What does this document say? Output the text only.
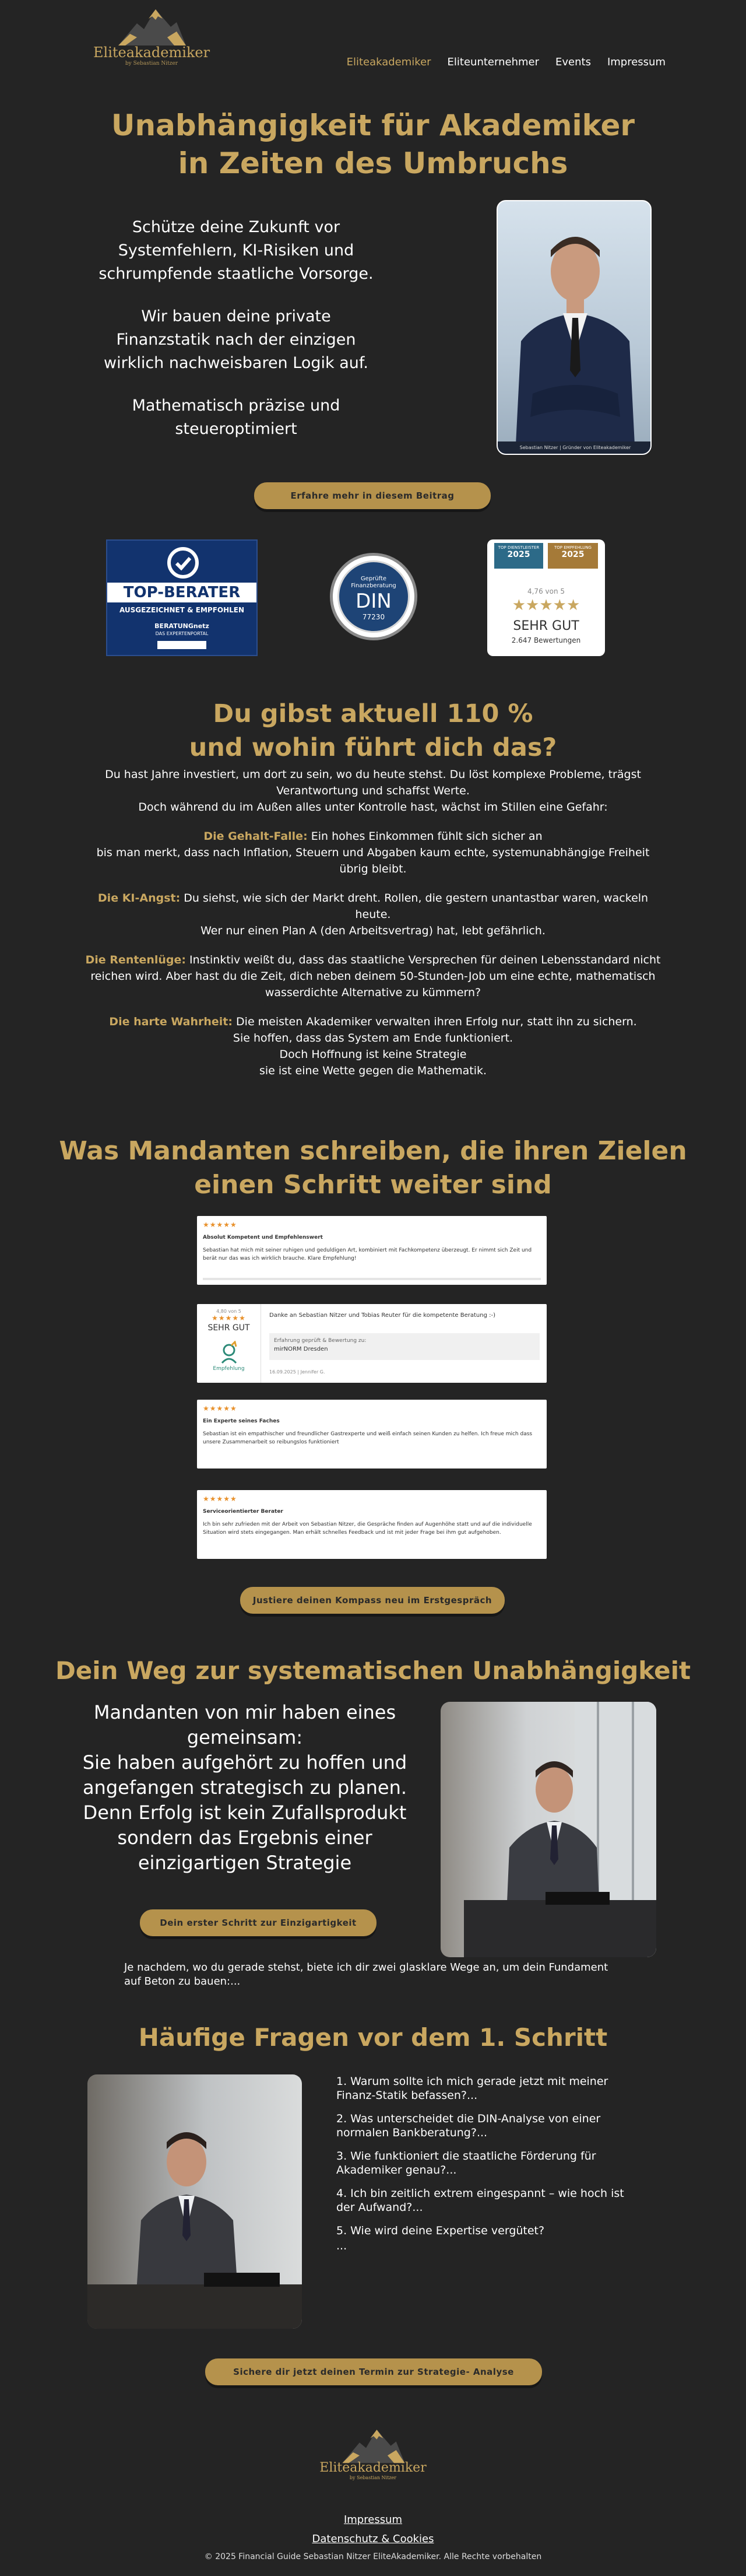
Eliteakademiker
by Sebastian Nitzer	Eliteakademiker Eliteunternehmer Events Impressum
Unabhängigkeit für Akademiker
in Zeiten des Umbruchs

Schütze deine Zukunft vor Systemfehlern, KI-Risiken und schrumpfende staatliche Vorsorge.

Wir bauen deine private Finanzstatik nach der einzigen wirklich nachweisbaren Logik auf.

Mathematisch präzise und steueroptimiert

Sebastian Nitzer | Gründer von Eliteakademiker
Erfahre mehr in diesem Beitrag
TOP-BERATER
AUSGEZEICHNET & EMPFOHLEN
BERATUNGnetz
DAS EXPERTENPORTAL
Geprüfte
Finanzberatung
DIN
77230
TOP DIENSTLEISTER
2025
TOP EMPFEHLUNG
2025
4,76 von 5
★★★★★
SEHR GUT
2.647 Bewertungen
Du gibst aktuell 110 %
und wohin führt dich das?

Du hast Jahre investiert, um dort zu sein, wo du heute stehst. Du löst komplexe Probleme, trägst Verantwortung und schaffst Werte.
Doch während du im Außen alles unter Kontrolle hast, wächst im Stillen eine Gefahr:

Die Gehalt-Falle: Ein hohes Einkommen fühlt sich sicher an
bis man merkt, dass nach Inflation, Steuern und Abgaben kaum echte, systemunabhängige Freiheit übrig bleibt.

Die KI-Angst: Du siehst, wie sich der Markt dreht. Rollen, die gestern unantastbar waren, wackeln heute.
Wer nur einen Plan A (den Arbeitsvertrag) hat, lebt gefährlich.

Die Rentenlüge: Instinktiv weißt du, dass das staatliche Versprechen für deinen Lebensstandard nicht reichen wird. Aber hast du die Zeit, dich neben deinem 50-Stunden-Job um eine echte, mathematisch wasserdichte Alternative zu kümmern?

Die harte Wahrheit: Die meisten Akademiker verwalten ihren Erfolg nur, statt ihn zu sichern.
Sie hoffen, dass das System am Ende funktioniert.
Doch Hoffnung ist keine Strategie
sie ist eine Wette gegen die Mathematik.

Was Mandanten schreiben, die ihren Zielen
einen Schritt weiter sind
★★★★★
Absolut Kompetent und Empfehlenswert
Sebastian hat mich mit seiner ruhigen und geduldigen Art, kombiniert mit Fachkompetenz überzeugt. Er nimmt sich Zeit und berät nur das was ich wirklich brauche. Klare Empfehlung!
4,80 von 5
★★★★★
SEHR GUT
Empfehlung
Danke an Sebastian Nitzer und Tobias Reuter für die kompetente Beratung :-)
Erfahrung geprüft & Bewertung zu:
mirNORM Dresden
16.09.2025 | Jennifer G.
★★★★★
Ein Experte seines Faches
Sebastian ist ein empathischer und freundlicher Gastrexperte und weiß einfach seinen Kunden zu helfen. Ich freue mich dass unsere Zusammenarbeit so reibungslos funktioniert
★★★★★
Serviceorientierter Berater
Ich bin sehr zufrieden mit der Arbeit von Sebastian Nitzer, die Gespräche finden auf Augenhöhe statt und auf die individuelle Situation wird stets eingegangen. Man erhält schnelles Feedback und ist mit jeder Frage bei ihm gut aufgehoben.
Justiere deinen Kompass neu im Erstgespräch
Dein Weg zur systematischen Unabhängigkeit
Mandanten von mir haben eines gemeinsam:
Sie haben aufgehört zu hoffen und angefangen strategisch zu planen.
Denn Erfolg ist kein Zufallsprodukt sondern das Ergebnis einer einzigartigen Strategie
Dein erster Schritt zur Einzigartigkeit
Je nachdem, wo du gerade stehst, biete ich dir zwei glasklare Wege an, um dein Fundament auf Beton zu bauen:...
Häufige Fragen vor dem 1. Schritt
1. Warum sollte ich mich gerade jetzt mit meiner Finanz-Statik befassen?...
2. Was unterscheidet die DIN-Analyse von einer normalen Bankberatung?...
3. Wie funktioniert die staatliche Förderung für Akademiker genau?...
4. Ich bin zeitlich extrem eingespannt – wie hoch ist der Aufwand?...
5. Wie wird deine Expertise vergütet?
...
Sichere dir jetzt deinen Termin zur Strategie- Analyse
Eliteakademiker
by Sebastian Nitzer
Impressum
Datenschutz & Cookies
© 2025 Financial Guide Sebastian Nitzer EliteAkademiker. Alle Rechte vorbehalten
